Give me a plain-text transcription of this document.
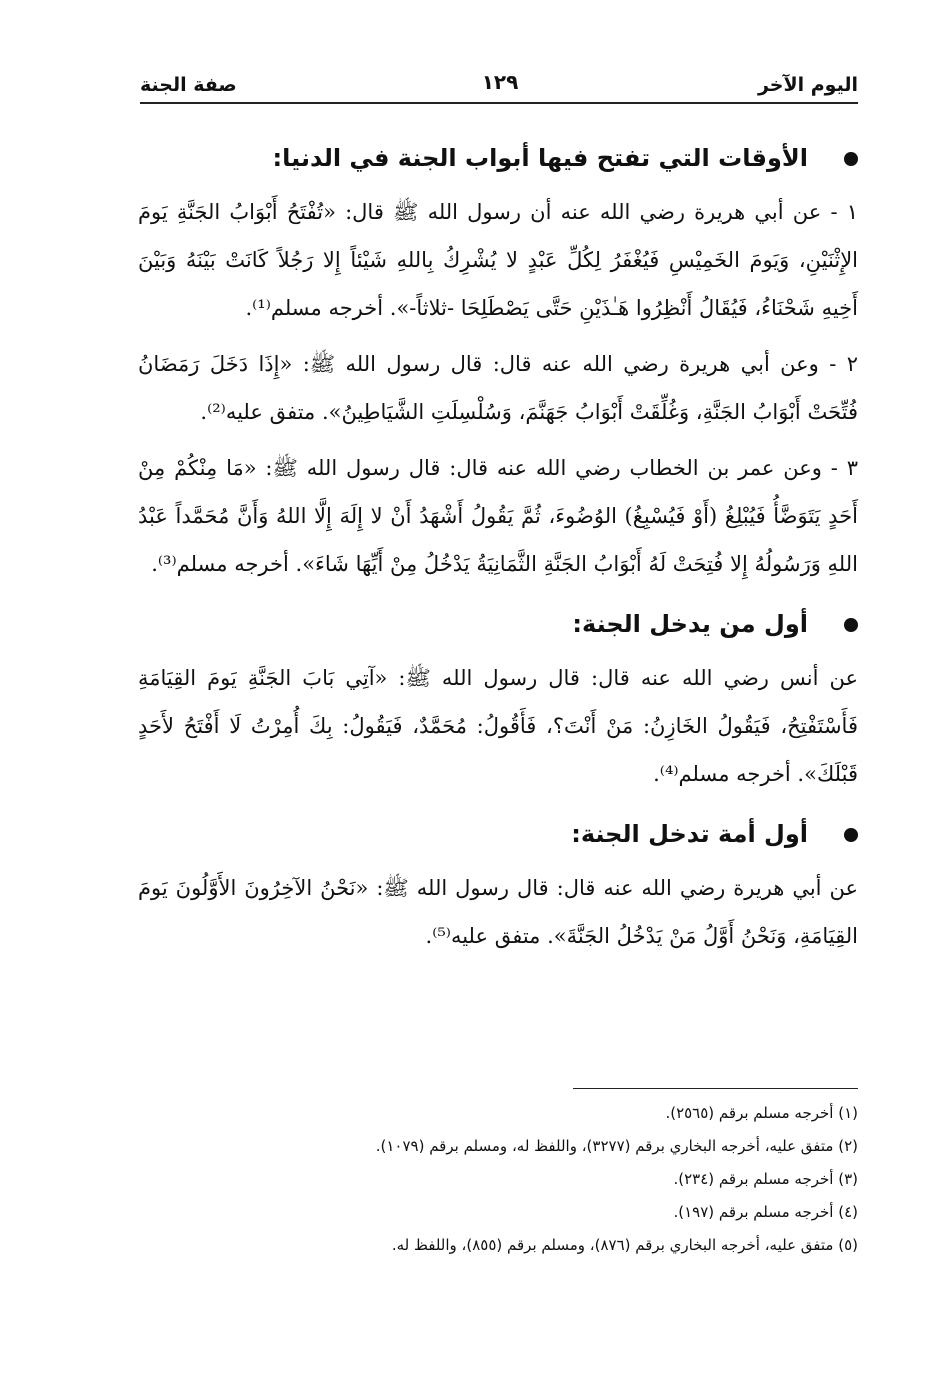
اليوم الآخر
١٢٩
صفة الجنة
الأوقات التي تفتح فيها أبواب الجنة في الدنيا:

١ - عن أبي هريرة رضي الله عنه أن رسول الله ﷺ قال: «تُفْتَحُ أَبْوَابُ الجَنَّةِ يَومَ الإِثْنَيْنِ، وَيَومَ الخَمِيْسِ فَيُغْفَرُ لِكُلِّ عَبْدٍ لا يُشْرِكُ بِاللهِ شَيْئاً إِلا رَجُلاً كَانَتْ بَيْنَهُ وَبَيْنَ أَخِيهِ شَحْنَاءُ، فَيُقَالُ أَنْظِرُوا هَـٰذَيْنِ حَتَّى يَصْطَلِحَا -ثلاثاً-». أخرجه مسلم⁽¹⁾.

٢ - وعن أبي هريرة رضي الله عنه قال: قال رسول الله ﷺ: «إِذَا دَخَلَ رَمَضَانُ فُتِّحَتْ أَبْوَابُ الجَنَّةِ، وَغُلِّقَتْ أَبْوَابُ جَهَنَّمَ، وَسُلْسِلَتِ الشَّيَاطِينُ». متفق عليه⁽²⁾.

٣ - وعن عمر بن الخطاب رضي الله عنه قال: قال رسول الله ﷺ: «مَا مِنْكُمْ مِنْ أَحَدٍ يَتَوَضَّأُ فَيُبْلِغُ (أَوْ فَيُسْبِغُ) الوُضُوءَ، ثُمَّ يَقُولُ أَشْهَدُ أَنْ لا إِلَهَ إِلَّا اللهُ وَأَنَّ مُحَمَّداً عَبْدُ اللهِ وَرَسُولُهُ إِلا فُتِحَتْ لَهُ أَبْوَابُ الجَنَّةِ الثَّمَانِيَةُ يَدْخُلُ مِنْ أَيِّهَا شَاءَ». أخرجه مسلم⁽³⁾.

أول من يدخل الجنة:

عن أنس رضي الله عنه قال: قال رسول الله ﷺ: «آتِي بَابَ الجَنَّةِ يَومَ القِيَامَةِ فَأَسْتَفْتِحُ، فَيَقُولُ الخَازِنُ: مَنْ أَنْتَ؟، فَأَقُولُ: مُحَمَّدٌ، فَيَقُولُ: بِكَ أُمِرْتُ لَا أَفْتَحُ لأَحَدٍ قَبْلَكَ». أخرجه مسلم⁽⁴⁾.

أول أمة تدخل الجنة:

عن أبي هريرة رضي الله عنه قال: قال رسول الله ﷺ: «نَحْنُ الآخِرُونَ الأَوَّلُونَ يَومَ القِيَامَةِ، وَنَحْنُ أَوَّلُ مَنْ يَدْخُلُ الجَنَّةَ». متفق عليه⁽⁵⁾.

(١) أخرجه مسلم برقم (٢٥٦٥).

(٢) متفق عليه، أخرجه البخاري برقم (٣٢٧٧)، واللفظ له، ومسلم برقم (١٠٧٩).

(٣) أخرجه مسلم برقم (٢٣٤).

(٤) أخرجه مسلم برقم (١٩٧).

(٥) متفق عليه، أخرجه البخاري برقم (٨٧٦)، ومسلم برقم (٨٥٥)، واللفظ له.
